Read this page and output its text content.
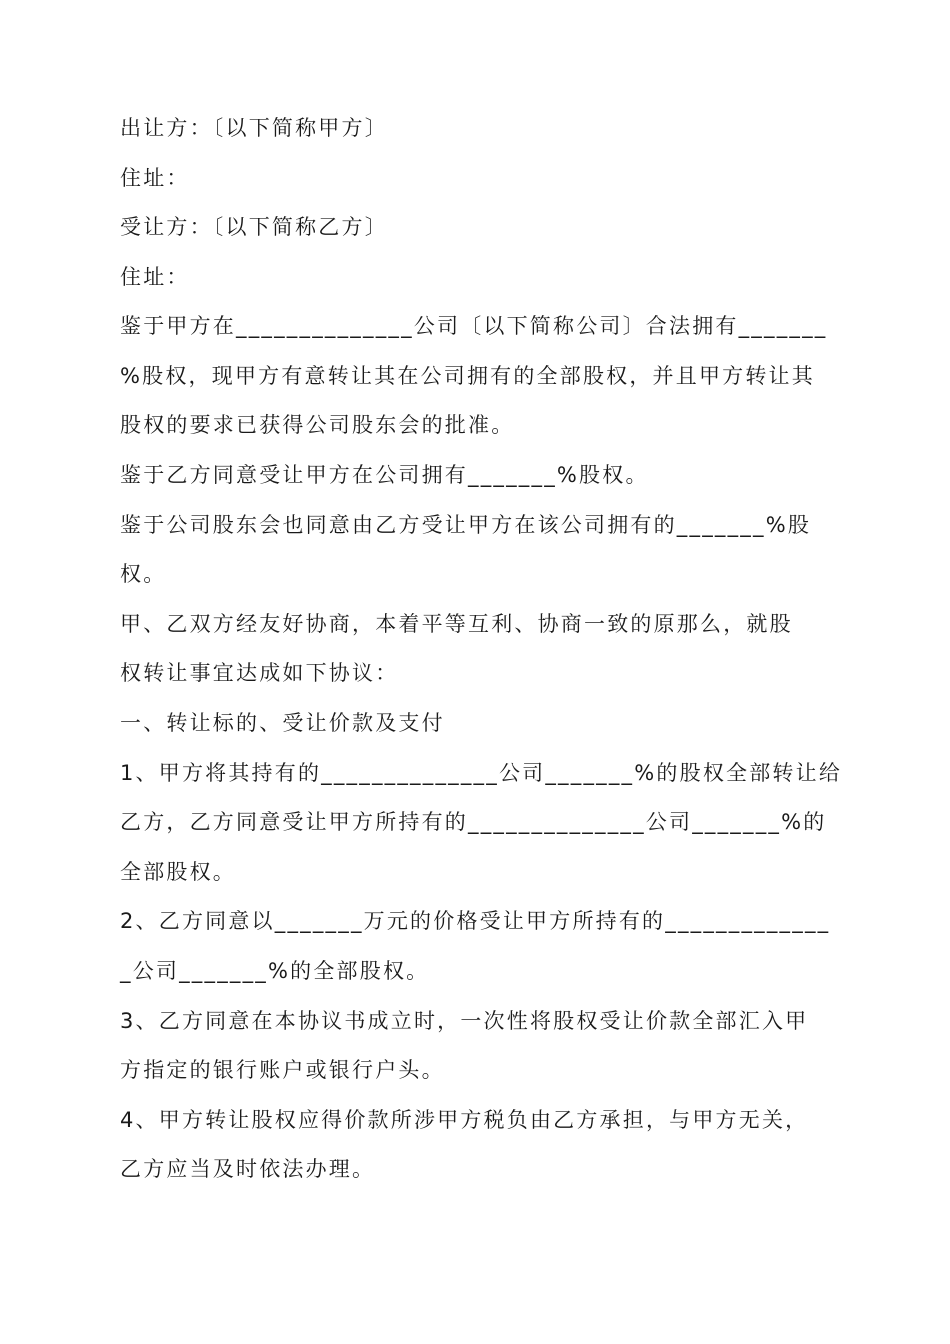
出让方：〔以下简称甲方〕
住址：
受让方：〔以下简称乙方〕
住址：
鉴于甲方在______________公司〔以下简称公司〕合法拥有_______
%股权，现甲方有意转让其在公司拥有的全部股权，并且甲方转让其
股权的要求已获得公司股东会的批准。
鉴于乙方同意受让甲方在公司拥有_______%股权。
鉴于公司股东会也同意由乙方受让甲方在该公司拥有的_______%股
权。
甲、乙双方经友好协商，本着平等互利、协商一致的原那么，就股
权转让事宜达成如下协议：
一、转让标的、受让价款及支付
1、甲方将其持有的______________公司_______%的股权全部转让给
乙方，乙方同意受让甲方所持有的______________公司_______%的
全部股权。
2、乙方同意以_______万元的价格受让甲方所持有的_____________
_公司_______%的全部股权。
3、乙方同意在本协议书成立时，一次性将股权受让价款全部汇入甲
方指定的银行账户或银行户头。
4、甲方转让股权应得价款所涉甲方税负由乙方承担，与甲方无关，
乙方应当及时依法办理。
